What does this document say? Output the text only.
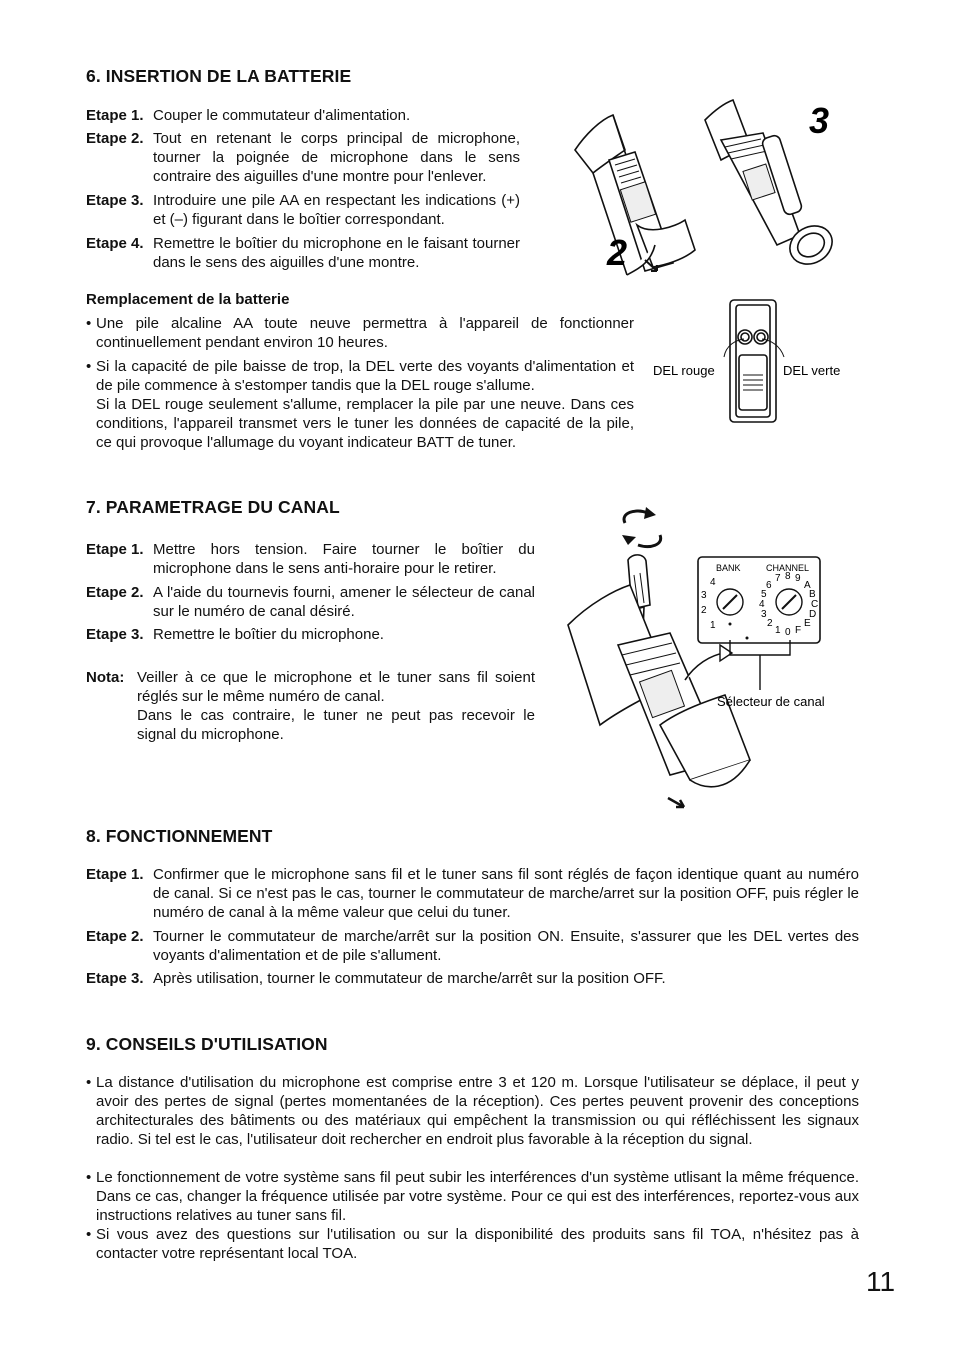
6. INSERTION DE LA BATTERIE
Etape 1. Couper le commutateur d'alimentation.
Etape 2. Tout en retenant le corps principal de microphone, tourner la poignée de microphone dans le sens contraire des aiguilles d'une montre pour l'enlever.
Etape 3. Introduire une pile AA en respectant les indications (+) et (–) figurant dans le boîtier correspondant.
Etape 4. Remettre le boîtier du microphone en le faisant tourner dans le sens des aiguilles d'une montre.
Remplacement de la batterie
• Une pile alcaline AA toute neuve permettra à l'appareil de fonctionner continuellement pendant environ 10 heures.
• Si la capacité de pile baisse de trop, la DEL verte des voyants d'alimentation et de pile commence à s'estomper tandis que la DEL rouge s'allume.
Si la DEL rouge seulement s'allume, remplacer la pile par une neuve. Dans ces conditions, l'appareil transmet vers le tuner les données de capacité de la pile, ce qui provoque l'allumage du voyant indicateur BATT de tuner.
2
3
DEL rouge	DEL verte
7. PARAMETRAGE DU CANAL
Etape 1. Mettre hors tension. Faire tourner le boîtier du microphone dans le sens anti-horaire pour le retirer.
Etape 2. A l'aide du tournevis fourni, amener le sélecteur de canal sur le numéro de canal désiré.
Etape 3. Remettre le boîtier du microphone.
Nota: Veiller à ce que le microphone et le tuner sans fil soient réglés sur le même numéro de canal.
Dans le cas contraire, le tuner ne peut pas recevoir le signal du microphone.
BANK	CHANNEL
4
3
2
1
7 8 9
6	A
5	B
4	C
3	D
2	E
1 0 F
Sélecteur de canal
8. FONCTIONNEMENT
Etape 1. Confirmer que le microphone sans fil et le tuner sans fil sont réglés de façon identique quant au numéro de canal. Si ce n'est pas le cas, tourner le commutateur de marche/arret sur la position OFF, puis régler le numéro de canal à la même valeur que celui du tuner.
Etape 2. Tourner le commutateur de marche/arrêt sur la position ON. Ensuite, s'assurer que les DEL vertes des voyants d'alimentation et de pile s'allument.
Etape 3. Après utilisation, tourner le commutateur de marche/arrêt sur la position OFF.
9. CONSEILS D'UTILISATION
• La distance d'utilisation du microphone est comprise entre 3 et 120 m. Lorsque l'utilisateur se déplace, il peut y avoir des pertes de signal (pertes momentanées de la réception). Ces pertes peuvent provenir des conceptions architecturales des bâtiments ou des matériaux qui empêchent la transmission ou qui réfléchissent les signaux radio. Si tel est le cas, l'utilisateur doit rechercher en endroit plus favorable à la réception du signal.
• Le fonctionnement de votre système sans fil peut subir les interférences d'un système utlisant la même fréquence. Dans ce cas, changer la fréquence utilisée par votre système. Pour ce qui est des interférences, reportez-vous aux instructions relatives au tuner sans fil.
• Si vous avez des questions sur l'utilisation ou sur la disponibilité des produits sans fil TOA, n'hésitez pas à contacter votre représentant local TOA.
11
